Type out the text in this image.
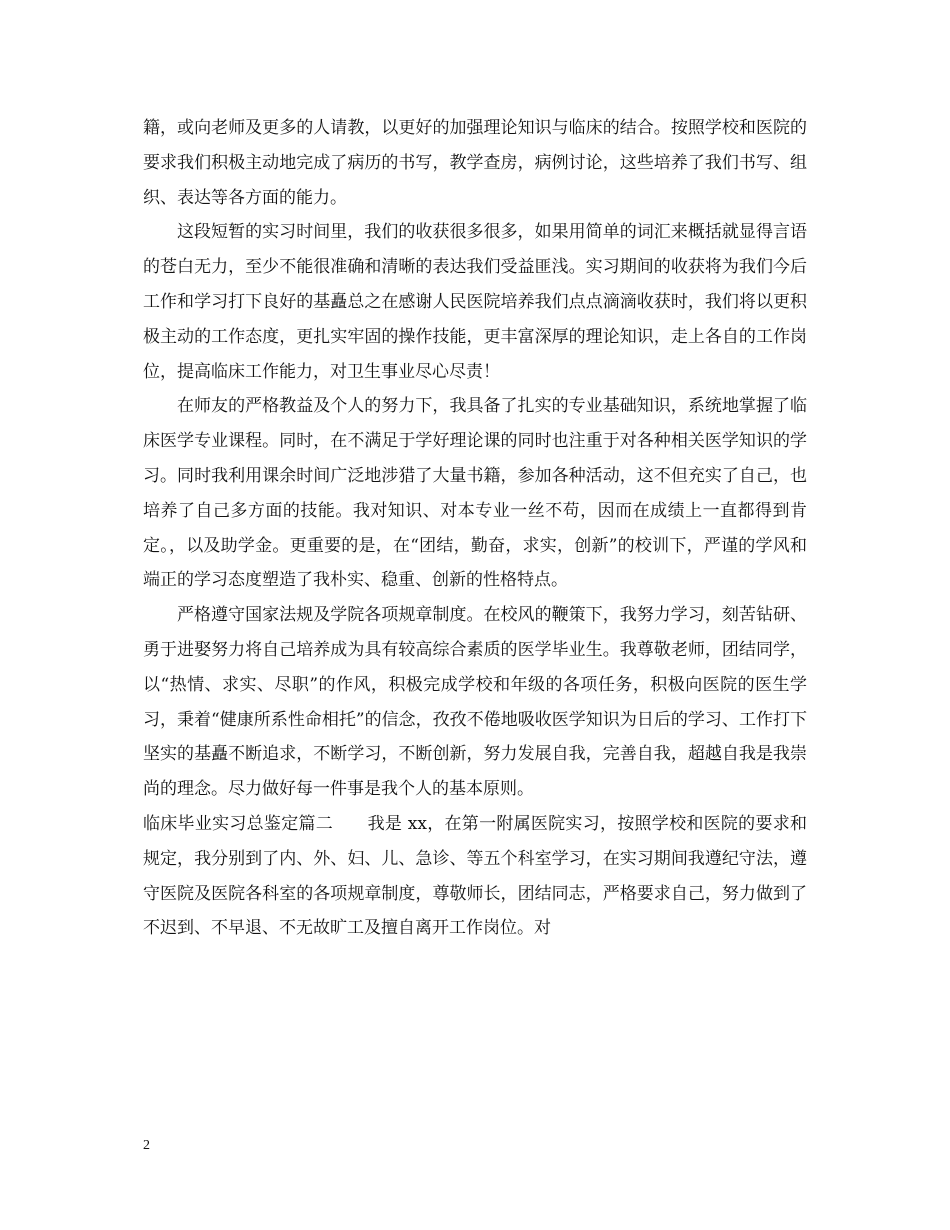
籍，或向老师及更多的人请教，以更好的加强理论知识与临床的结合。按照学校和医院的要求我们积极主动地完成了病历的书写，教学查房，病例讨论，这些培养了我们书写、组织、表达等各方面的能力。

这段短暂的实习时间里，我们的收获很多很多，如果用简单的词汇来概括就显得言语的苍白无力，至少不能很准确和清晰的表达我们受益匪浅。实习期间的收获将为我们今后工作和学习打下良好的基矗总之在感谢人民医院培养我们点点滴滴收获时，我们将以更积极主动的工作态度，更扎实牢固的操作技能，更丰富深厚的理论知识，走上各自的工作岗位，提高临床工作能力，对卫生事业尽心尽责！

在师友的严格教益及个人的努力下，我具备了扎实的专业基础知识，系统地掌握了临床医学专业课程。同时，在不满足于学好理论课的同时也注重于对各种相关医学知识的学习。同时我利用课余时间广泛地涉猎了大量书籍，参加各种活动，这不但充实了自己，也培养了自己多方面的技能。我对知识、对本专业一丝不苟，因而在成绩上一直都得到肯定。，以及助学金。更重要的是，在“团结，勤奋，求实，创新”的校训下，严谨的学风和端正的学习态度塑造了我朴实、稳重、创新的性格特点。

严格遵守国家法规及学院各项规章制度。在校风的鞭策下，我努力学习，刻苦钻研、勇于进娶努力将自己培养成为具有较高综合素质的医学毕业生。我尊敬老师，团结同学，以“热情、求实、尽职”的作风，积极完成学校和年级的各项任务，积极向医院的医生学习，秉着“健康所系性命相托”的信念，孜孜不倦地吸收医学知识为日后的学习、工作打下坚实的基矗不断追求，不断学习，不断创新，努力发展自我，完善自我，超越自我是我崇尚的理念。尽力做好每一件事是我个人的基本原则。

临床毕业实习总鉴定篇二　　我是 xx，在第一附属医院实习，按照学校和医院的要求和规定，我分别到了内、外、妇、儿、急诊、等五个科室学习，在实习期间我遵纪守法，遵守医院及医院各科室的各项规章制度，尊敬师长，团结同志，严格要求自己，努力做到了不迟到、不早退、不无故旷工及擅自离开工作岗位。对

2
